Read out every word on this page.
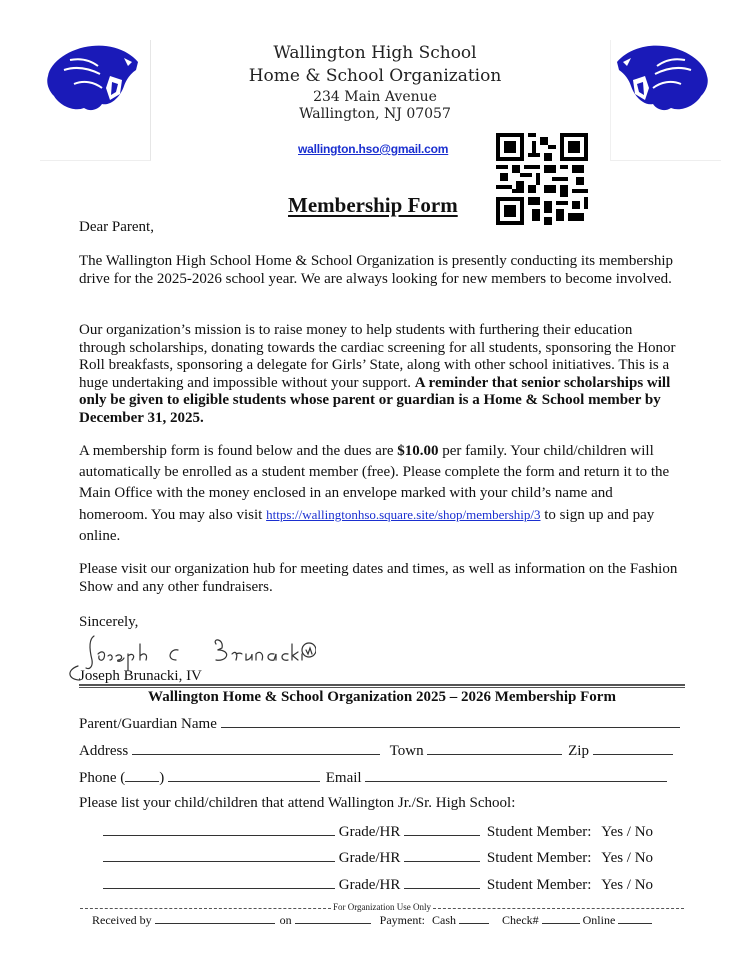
Wallington High School
Home & School Organization
234 Main Avenue
Wallington, NJ 07057
wallington.hso@gmail.com
Membership Form
Dear Parent,
The Wallington High School Home & School Organization is presently conducting its membership drive for the 2025-2026 school year. We are always looking for new members to become involved.
Our organization’s mission is to raise money to help students with furthering their education through scholarships, donating towards the cardiac screening for all students, sponsoring the Honor Roll breakfasts, sponsoring a delegate for Girls’ State, along with other school initiatives. This is a huge undertaking and impossible without your support. A reminder that senior scholarships will only be given to eligible students whose parent or guardian is a Home & School member by December 31, 2025.
A membership form is found below and the dues are $10.00 per family. Your child/children will automatically be enrolled as a student member (free). Please complete the form and return it to the Main Office with the money enclosed in an envelope marked with your child’s name and homeroom. You may also visit https://wallingtonhso.square.site/shop/membership/3 to sign up and pay online.
Please visit our organization hub for meeting dates and times, as well as information on the Fashion Show and any other fundraisers.
Sincerely,
Joseph Brunacki, IV
Wallington Home & School Organization 2025 – 2026 Membership Form
Parent/Guardian Name
Address	Town	Zip
Phone ( )	Email
Please list your child/children that attend Wallington Jr./Sr. High School:
Grade/HR	Student Member: Yes / No
Grade/HR	Student Member: Yes / No
Grade/HR	Student Member: Yes / No
For Organization Use Only
Received by	on	Payment: Cash	Check#	Online
